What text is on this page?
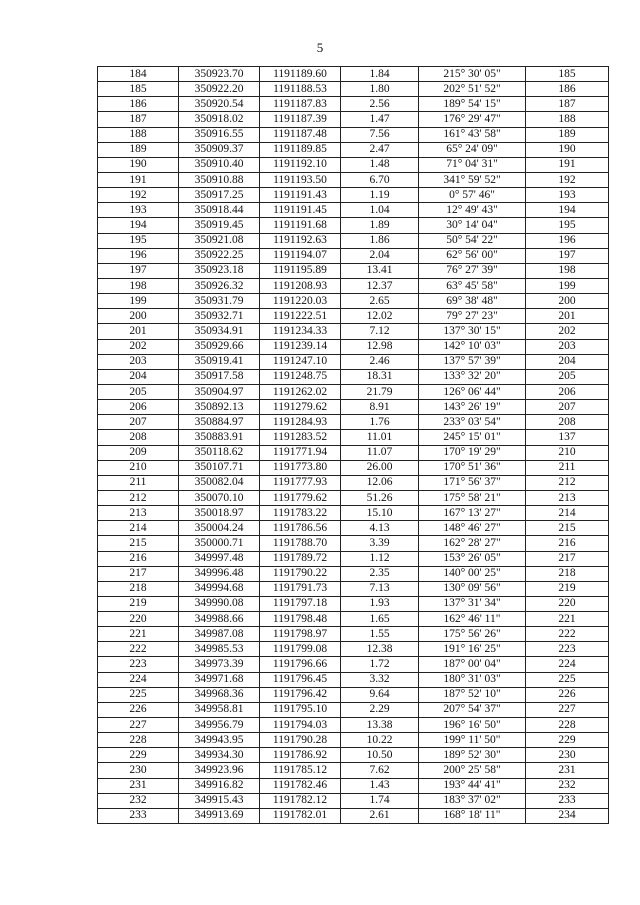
5
184	350923.70	1191189.60	1.84	215° 30' 05"	185
185	350922.20	1191188.53	1.80	202° 51' 52"	186
186	350920.54	1191187.83	2.56	189° 54' 15"	187
187	350918.02	1191187.39	1.47	176° 29' 47"	188
188	350916.55	1191187.48	7.56	161° 43' 58"	189
189	350909.37	1191189.85	2.47	65° 24' 09"	190
190	350910.40	1191192.10	1.48	71° 04' 31"	191
191	350910.88	1191193.50	6.70	341° 59' 52"	192
192	350917.25	1191191.43	1.19	0° 57' 46"	193
193	350918.44	1191191.45	1.04	12° 49' 43"	194
194	350919.45	1191191.68	1.89	30° 14' 04"	195
195	350921.08	1191192.63	1.86	50° 54' 22"	196
196	350922.25	1191194.07	2.04	62° 56' 00"	197
197	350923.18	1191195.89	13.41	76° 27' 39"	198
198	350926.32	1191208.93	12.37	63° 45' 58"	199
199	350931.79	1191220.03	2.65	69° 38' 48"	200
200	350932.71	1191222.51	12.02	79° 27' 23"	201
201	350934.91	1191234.33	7.12	137° 30' 15"	202
202	350929.66	1191239.14	12.98	142° 10' 03"	203
203	350919.41	1191247.10	2.46	137° 57' 39"	204
204	350917.58	1191248.75	18.31	133° 32' 20"	205
205	350904.97	1191262.02	21.79	126° 06' 44"	206
206	350892.13	1191279.62	8.91	143° 26' 19"	207
207	350884.97	1191284.93	1.76	233° 03' 54"	208
208	350883.91	1191283.52	11.01	245° 15' 01"	137
209	350118.62	1191771.94	11.07	170° 19' 29"	210
210	350107.71	1191773.80	26.00	170° 51' 36"	211
211	350082.04	1191777.93	12.06	171° 56' 37"	212
212	350070.10	1191779.62	51.26	175° 58' 21"	213
213	350018.97	1191783.22	15.10	167° 13' 27"	214
214	350004.24	1191786.56	4.13	148° 46' 27"	215
215	350000.71	1191788.70	3.39	162° 28' 27"	216
216	349997.48	1191789.72	1.12	153° 26' 05"	217
217	349996.48	1191790.22	2.35	140° 00' 25"	218
218	349994.68	1191791.73	7.13	130° 09' 56"	219
219	349990.08	1191797.18	1.93	137° 31' 34"	220
220	349988.66	1191798.48	1.65	162° 46' 11"	221
221	349987.08	1191798.97	1.55	175° 56' 26"	222
222	349985.53	1191799.08	12.38	191° 16' 25"	223
223	349973.39	1191796.66	1.72	187° 00' 04"	224
224	349971.68	1191796.45	3.32	180° 31' 03"	225
225	349968.36	1191796.42	9.64	187° 52' 10"	226
226	349958.81	1191795.10	2.29	207° 54' 37"	227
227	349956.79	1191794.03	13.38	196° 16' 50"	228
228	349943.95	1191790.28	10.22	199° 11' 50"	229
229	349934.30	1191786.92	10.50	189° 52' 30"	230
230	349923.96	1191785.12	7.62	200° 25' 58"	231
231	349916.82	1191782.46	1.43	193° 44' 41"	232
232	349915.43	1191782.12	1.74	183° 37' 02"	233
233	349913.69	1191782.01	2.61	168° 18' 11"	234
